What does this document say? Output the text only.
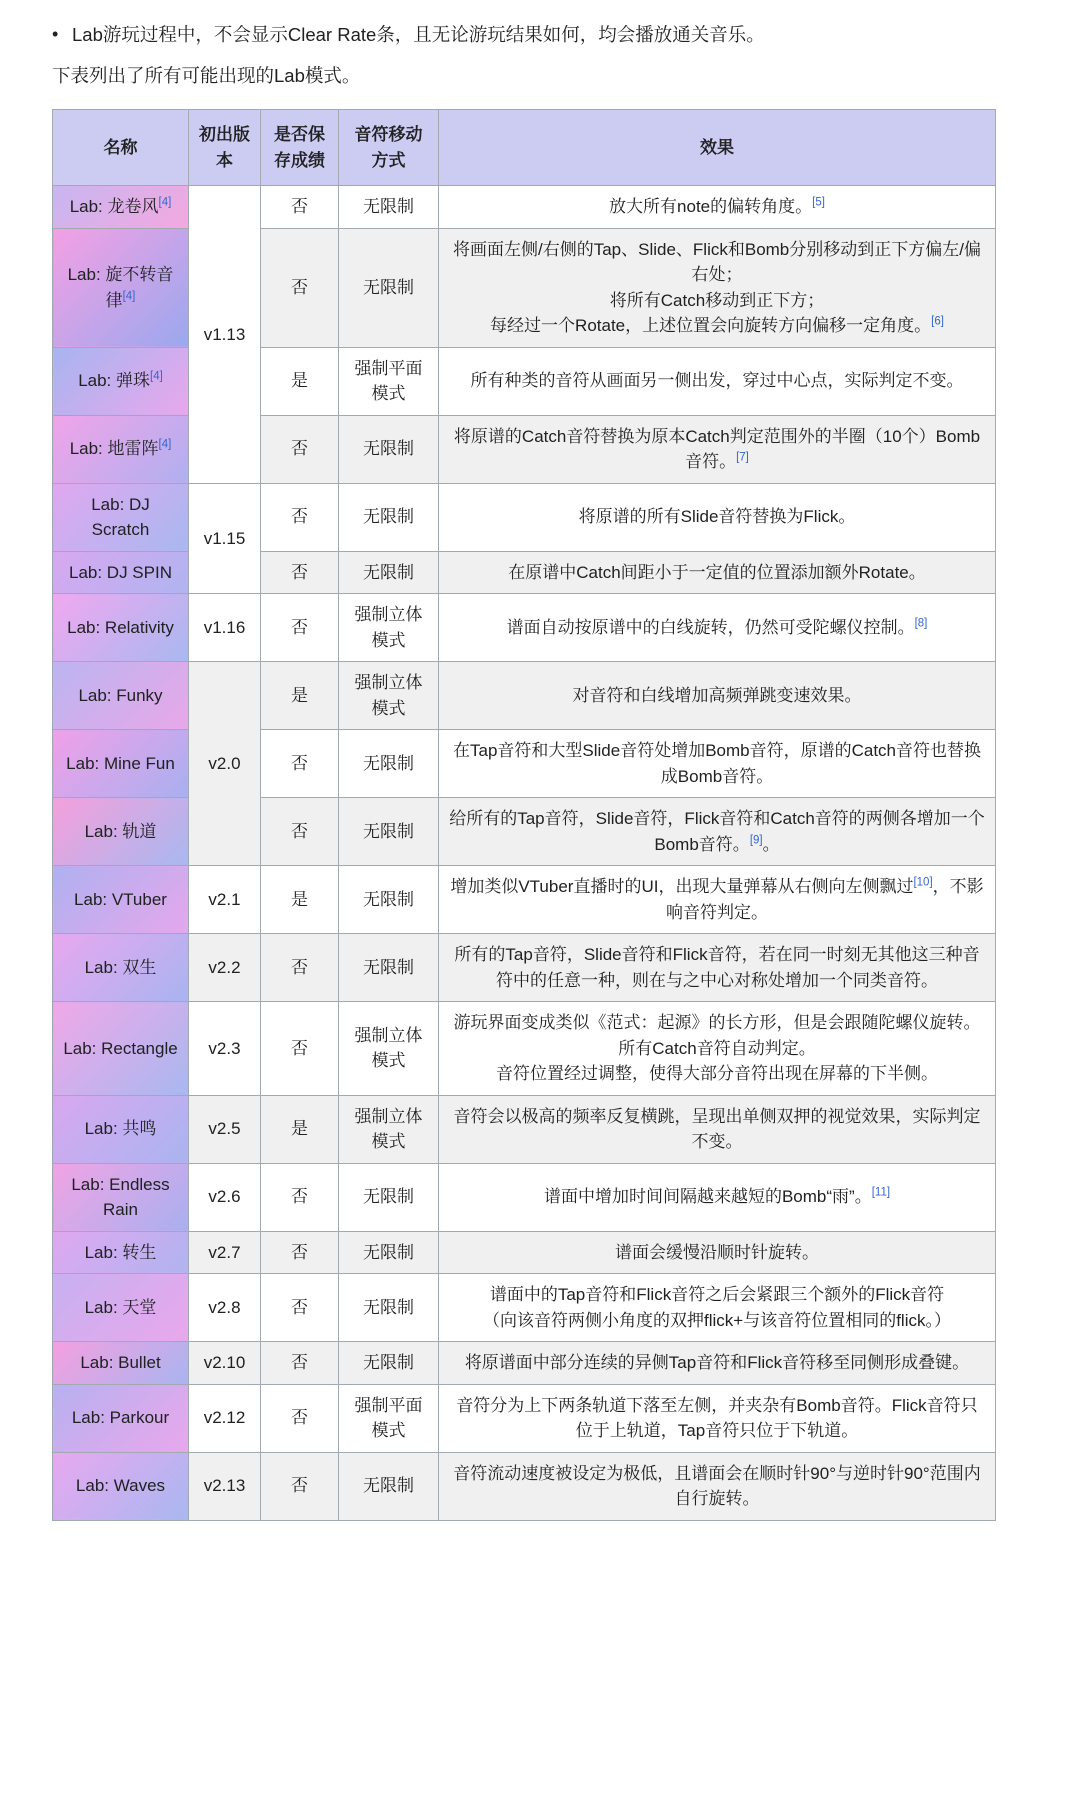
• Lab游玩过程中，不会显示Clear Rate条，且无论游玩结果如何，均会播放通关音乐。
下表列出了所有可能出现的Lab模式。
名称	初出版本	是否保存成绩	音符移动方式	效果
Lab: 龙卷风[4]	v1.13	否	无限制	放大所有note的偏转角度。[5]
Lab: 旋不转音律[4]		否	无限制	将画面左侧/右侧的Tap、Slide、Flick和Bomb分别移动到正下方偏左/偏右处；
将所有Catch移动到正下方；
每经过一个Rotate，上述位置会向旋转方向偏移一定角度。[6]

Lab: 弹珠[4]		是	强制平面模式	所有种类的音符从画面另一侧出发，穿过中心点，实际判定不变。
Lab: 地雷阵[4]		否	无限制	将原谱的Catch音符替换为原本Catch判定范围外的半圈（10个）Bomb音符。[7]
Lab: DJ Scratch	v1.15	否	无限制	将原谱的所有Slide音符替换为Flick。
Lab: DJ SPIN		否	无限制	在原谱中Catch间距小于一定值的位置添加额外Rotate。
Lab: Relativity	v1.16	否	强制立体模式	谱面自动按原谱中的白线旋转，仍然可受陀螺仪控制。[8]
Lab: Funky	v2.0	是	强制立体模式	对音符和白线增加高频弹跳变速效果。
Lab: Mine Fun		否	无限制	在Tap音符和大型Slide音符处增加Bomb音符，原谱的Catch音符也替换成Bomb音符。
Lab: 轨道		否	无限制	给所有的Tap音符，Slide音符，Flick音符和Catch音符的两侧各增加一个Bomb音符。[9]。
Lab: VTuber	v2.1	是	无限制	增加类似VTuber直播时的UI，出现大量弹幕从右侧向左侧飘过[10]，不影响音符判定。
Lab: 双生	v2.2	否	无限制	所有的Tap音符，Slide音符和Flick音符，若在同一时刻无其他这三种音符中的任意一种，则在与之中心对称处增加一个同类音符。
Lab: Rectangle	v2.3	否	强制立体模式	游玩界面变成类似《范式：起源》的长方形，但是会跟随陀螺仪旋转。所有Catch音符自动判定。
音符位置经过调整，使得大部分音符出现在屏幕的下半侧。

Lab: 共鸣	v2.5	是	强制立体模式	音符会以极高的频率反复横跳，呈现出单侧双押的视觉效果，实际判定不变。
Lab: Endless Rain	v2.6	否	无限制	谱面中增加时间间隔越来越短的Bomb“雨”。[11]
Lab: 转生	v2.7	否	无限制	谱面会缓慢沿顺时针旋转。
Lab: 天堂	v2.8	否	无限制	谱面中的Tap音符和Flick音符之后会紧跟三个额外的Flick音符
（向该音符两侧小角度的双押flick+与该音符位置相同的flick。）

Lab: Bullet	v2.10	否	无限制	将原谱面中部分连续的异侧Tap音符和Flick音符移至同侧形成叠键。
Lab: Parkour	v2.12	否	强制平面模式	音符分为上下两条轨道下落至左侧，并夹杂有Bomb音符。Flick音符只位于上轨道，Tap音符只位于下轨道。
Lab: Waves	v2.13	否	无限制	音符流动速度被设定为极低，且谱面会在顺时针90°与逆时针90°范围内自行旋转。
